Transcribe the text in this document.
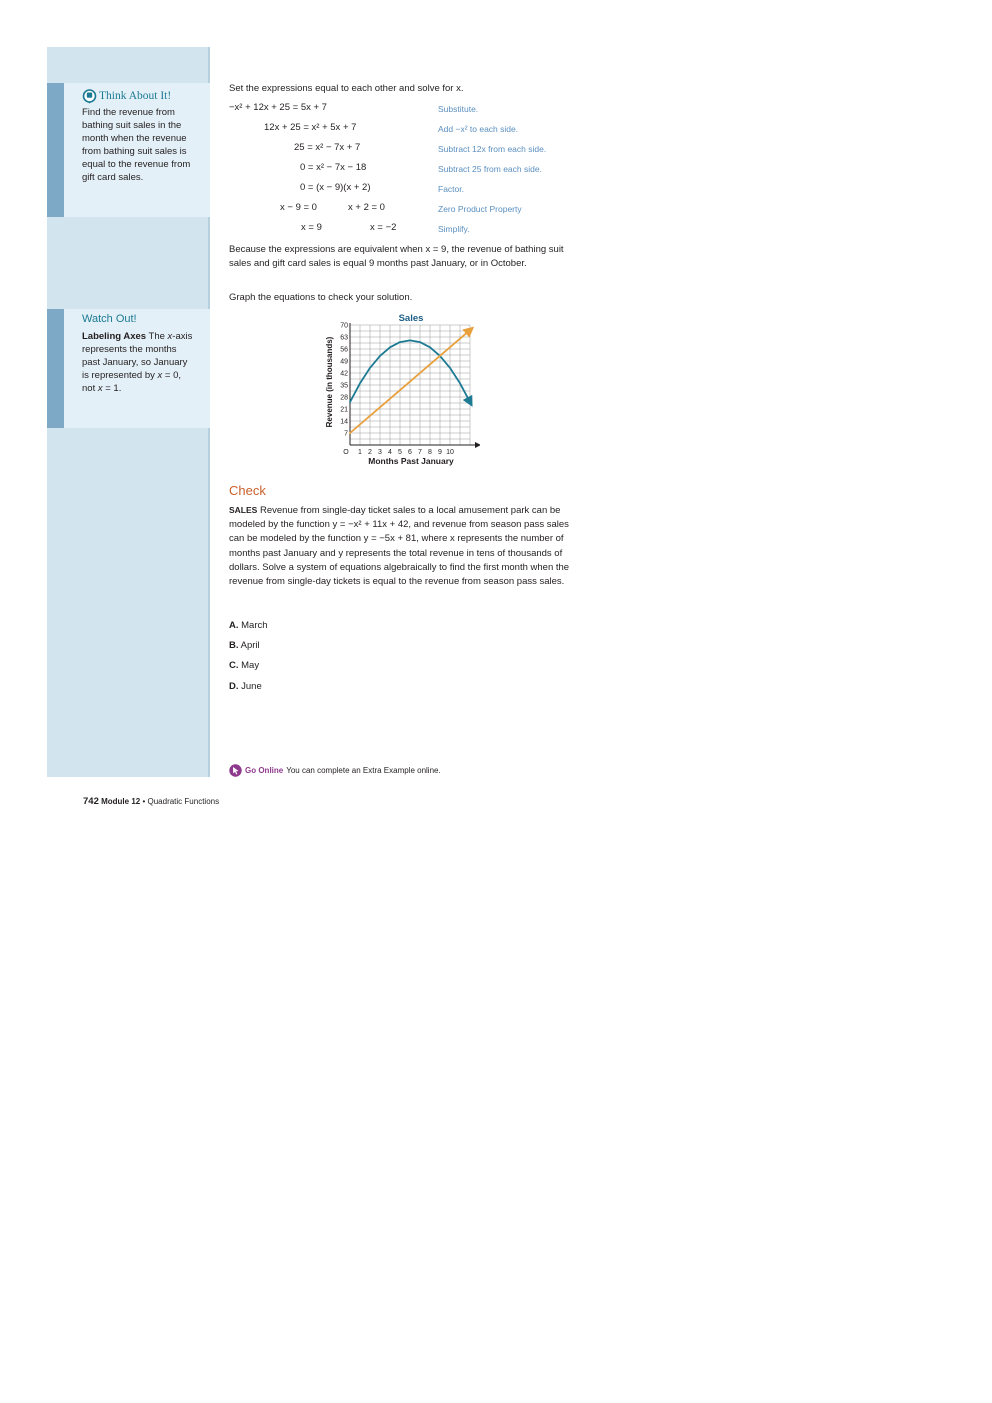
Think About It!
Find the revenue from bathing suit sales in the month when the revenue from bathing suit sales is equal to the revenue from gift card sales.
Watch Out!
Labeling Axes The x-axis represents the months past January, so January is represented by x = 0, not x = 1.
Set the expressions equal to each other and solve for x.
−x² + 12x + 25 = 5x + 7	Substitute.
12x + 25 = x² + 5x + 7	Add −x² to each side.
25 = x² − 7x + 7	Subtract 12x from each side.
0 = x² − 7x − 18	Subtract 25 from each side.
0 = (x − 9)(x + 2)	Factor.
x − 9 = 0	x + 2 = 0	Zero Product Property
x = 9	x = −2	Simplify.
Because the expressions are equivalent when x = 9, the revenue of bathing suit sales and gift card sales is equal 9 months past January, or in October.
Graph the equations to check your solution.
Sales
7
14
21
28
35
42
49
56
63
70
1 2 3 4 5 6 7 8 9 10
O
Months Past January
Revenue (in thousands)
Check
SALES Revenue from single-day ticket sales to a local amusement park can be modeled by the function y = −x² + 11x + 42, and revenue from season pass sales can be modeled by the function y = −5x + 81, where x represents the number of months past January and y represents the total revenue in tens of thousands of dollars. Solve a system of equations algebraically to find the first month when the revenue from single-day tickets is equal to the revenue from season pass sales.
A. March
B. April
C. May
D. June
Go Online You can complete an Extra Example online.
742 Module 12 • Quadratic Functions
